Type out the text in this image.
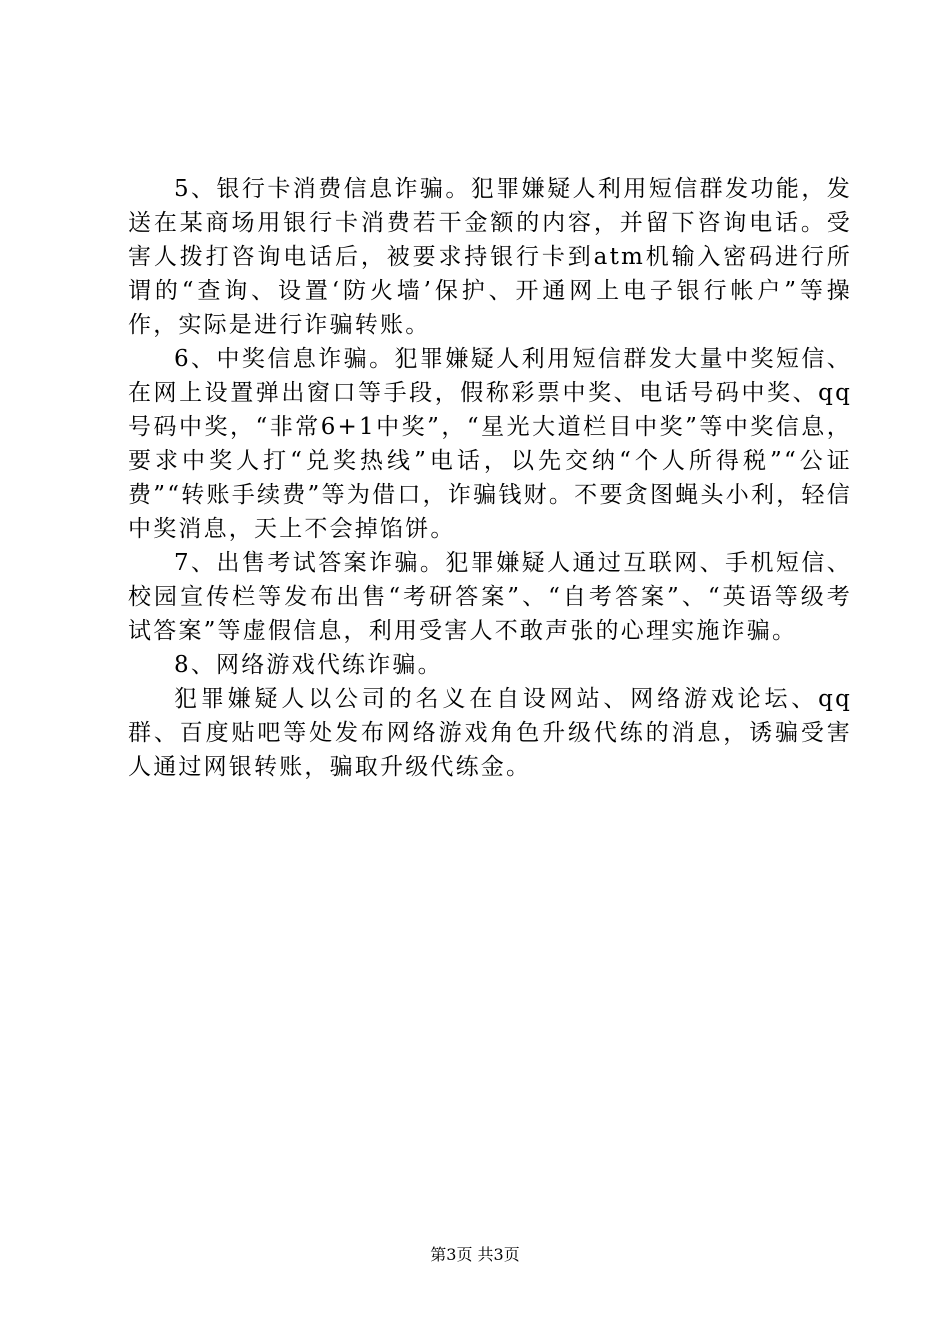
5、银行卡消费信息诈骗。犯罪嫌疑人利用短信群发功能，发送在某商场用银行卡消费若干金额的内容，并留下咨询电话。受害人拨打咨询电话后，被要求持银行卡到atm机输入密码进行所谓的“查询、设置‘防火墙’保护、开通网上电子银行帐户”等操作，实际是进行诈骗转账。

6、中奖信息诈骗。犯罪嫌疑人利用短信群发大量中奖短信、在网上设置弹出窗口等手段，假称彩票中奖、电话号码中奖、qq号码中奖，“非常6+1中奖”，“星光大道栏目中奖”等中奖信息，要求中奖人打“兑奖热线”电话，以先交纳“个人所得税”“公证费”“转账手续费”等为借口，诈骗钱财。不要贪图蝇头小利，轻信中奖消息，天上不会掉馅饼。

7、出售考试答案诈骗。犯罪嫌疑人通过互联网、手机短信、校园宣传栏等发布出售“考研答案”、“自考答案”、“英语等级考试答案”等虚假信息，利用受害人不敢声张的心理实施诈骗。

8、网络游戏代练诈骗。

犯罪嫌疑人以公司的名义在自设网站、网络游戏论坛、qq群、百度贴吧等处发布网络游戏角色升级代练的消息，诱骗受害人通过网银转账，骗取升级代练金。

第3页 共3页
